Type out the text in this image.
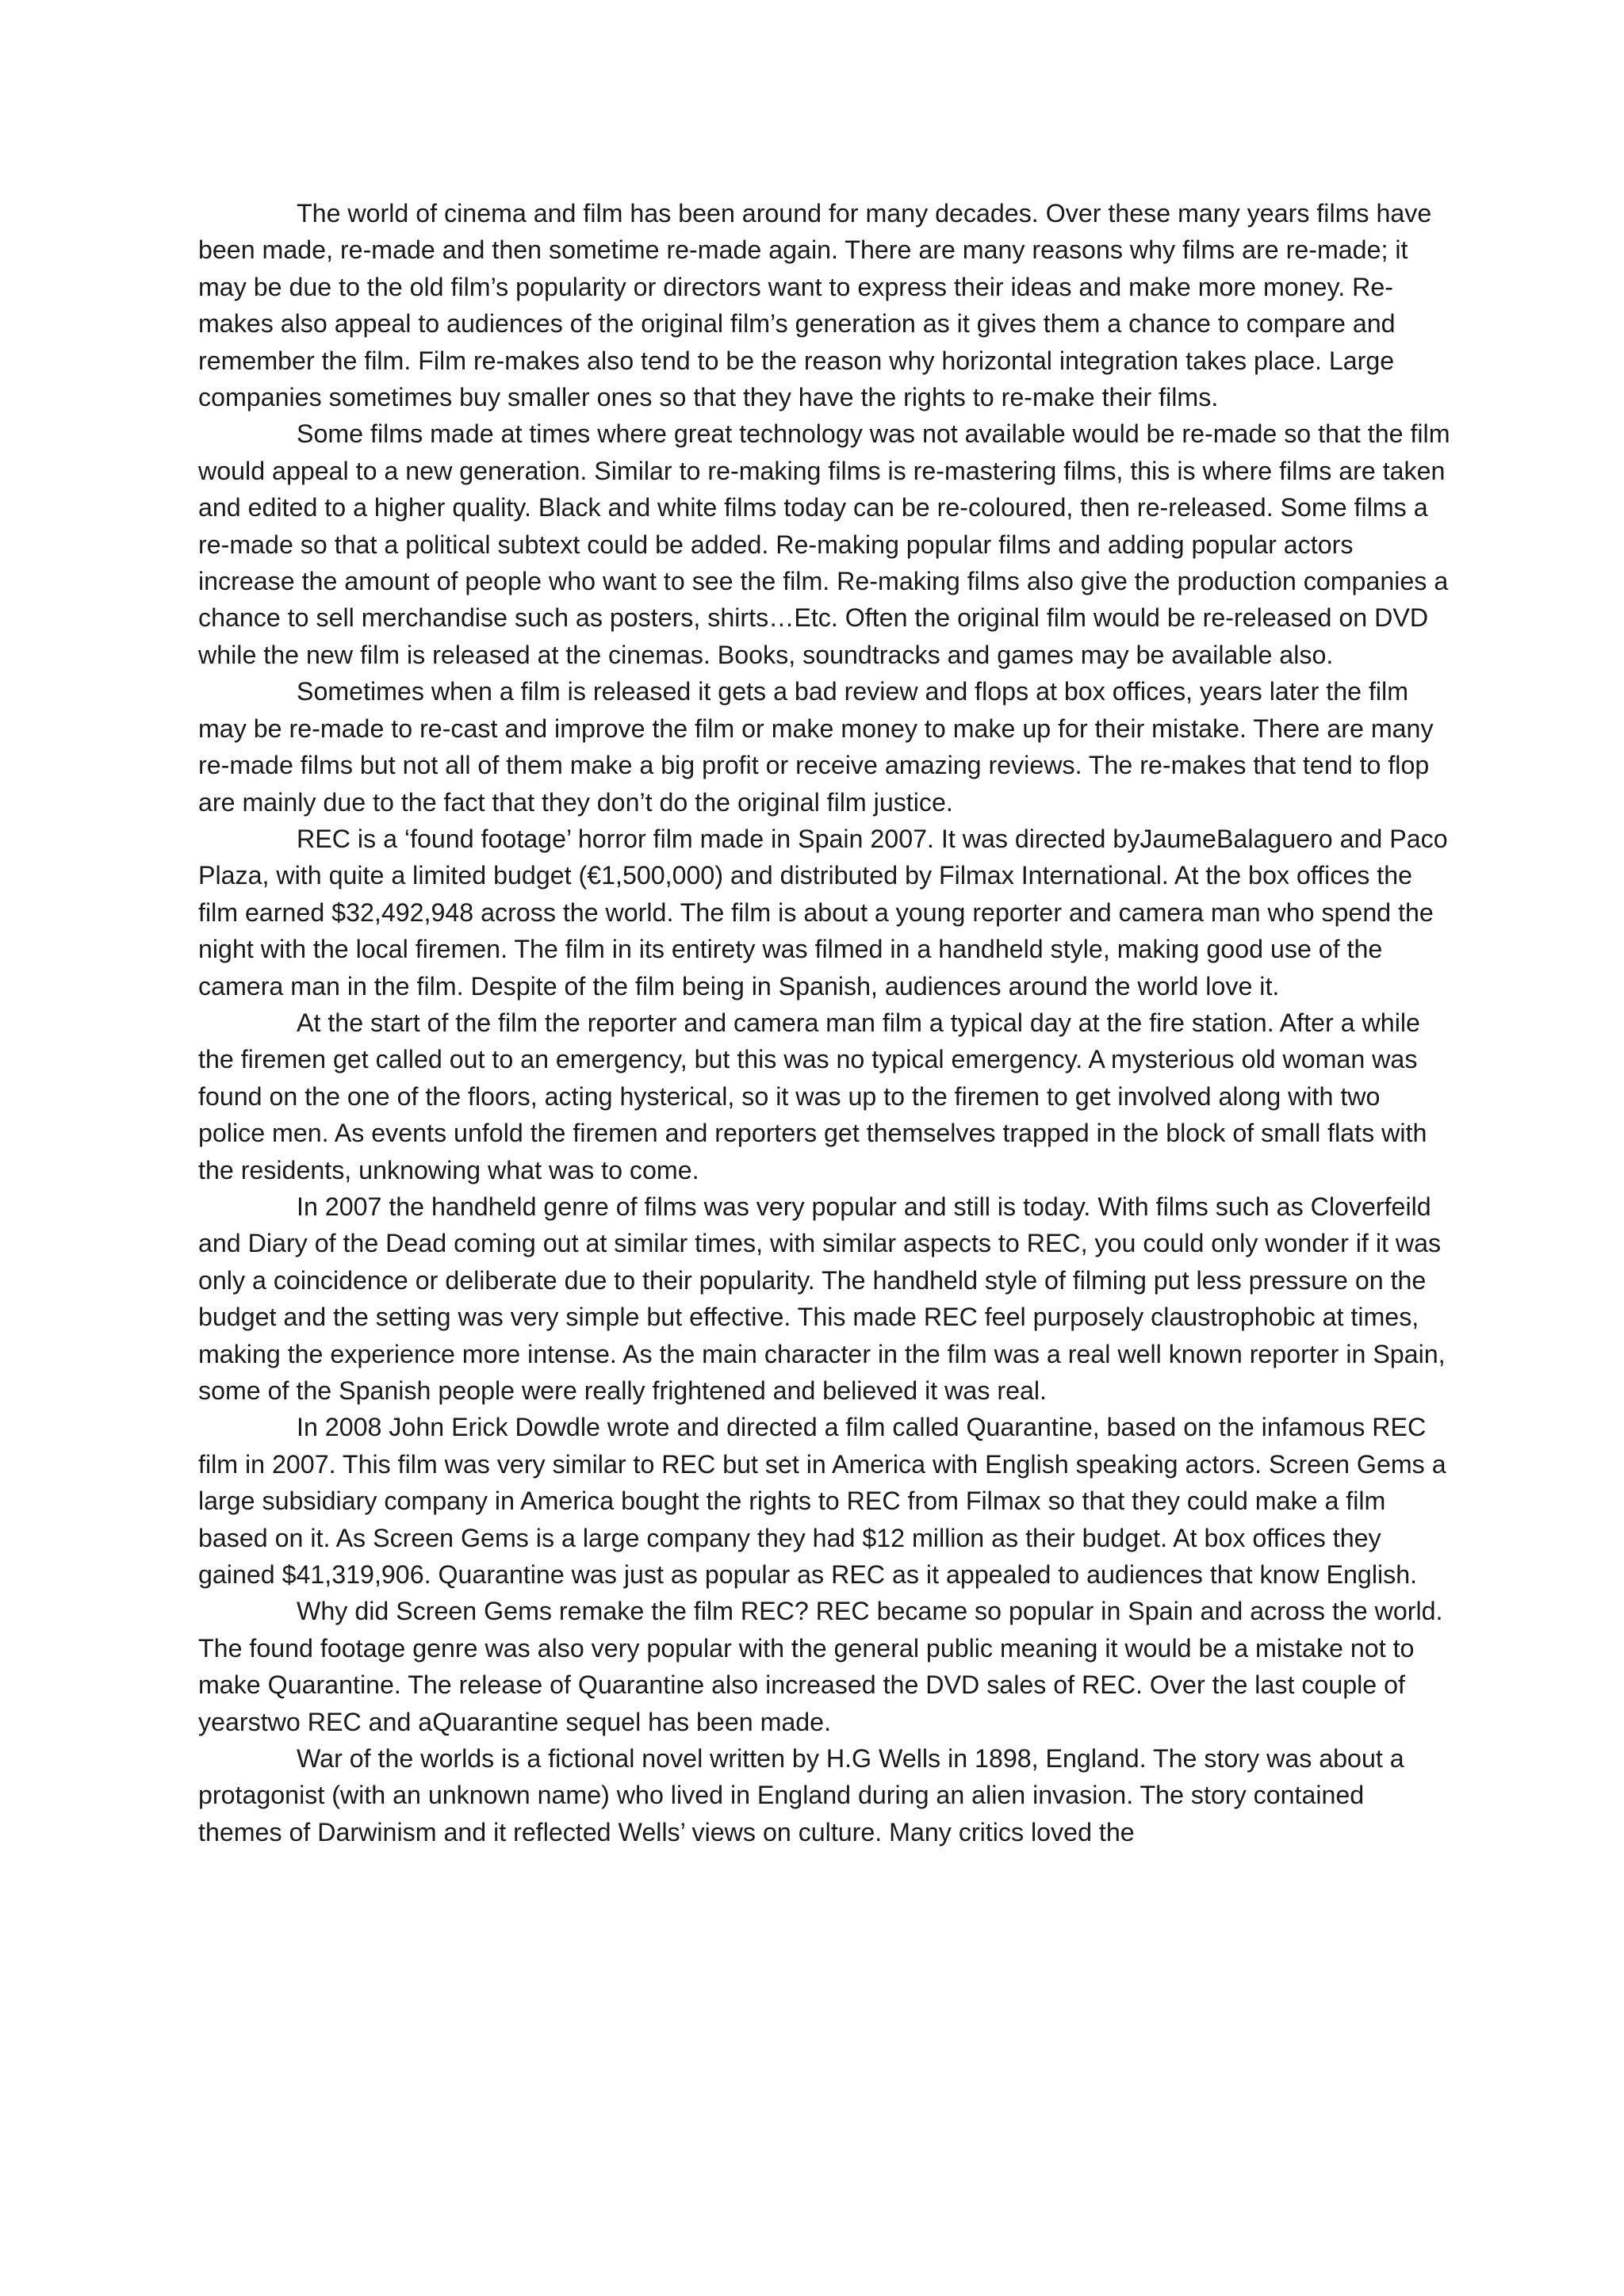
The world of cinema and film has been around for many decades. Over these many years films have been made, re-made and then sometime re-made again. There are many reasons why films are re-made; it may be due to the old film’s popularity or directors want to express their ideas and make more money. Re-makes also appeal to audiences of the original film’s generation as it gives them a chance to compare and remember the film. Film re-makes also tend to be the reason why horizontal integration takes place. Large companies sometimes buy smaller ones so that they have the rights to re-make their films.

Some films made at times where great technology was not available would be re-made so that the film would appeal to a new generation. Similar to re-making films is re-mastering films, this is where films are taken and edited to a higher quality. Black and white films today can be re-coloured, then re-released. Some films a re-made so that a political subtext could be added. Re-making popular films and adding popular actors increase the amount of people who want to see the film. Re-making films also give the production companies a chance to sell merchandise such as posters, shirts…Etc. Often the original film would be re-released on DVD while the new film is released at the cinemas. Books, soundtracks and games may be available also.

Sometimes when a film is released it gets a bad review and flops at box offices, years later the film may be re-made to re-cast and improve the film or make money to make up for their mistake. There are many re-made films but not all of them make a big profit or receive amazing reviews. The re-makes that tend to flop are mainly due to the fact that they don’t do the original film justice.

REC is a ‘found footage’ horror film made in Spain 2007. It was directed byJaumeBalaguero and Paco Plaza, with quite a limited budget (€1,500,000) and distributed by Filmax International. At the box offices the film earned $32,492,948 across the world. The film is about a young reporter and camera man who spend the night with the local firemen. The film in its entirety was filmed in a handheld style, making good use of the camera man in the film. Despite of the film being in Spanish, audiences around the world love it.

At the start of the film the reporter and camera man film a typical day at the fire station. After a while the firemen get called out to an emergency, but this was no typical emergency. A mysterious old woman was found on the one of the floors, acting hysterical, so it was up to the firemen to get involved along with two police men. As events unfold the firemen and reporters get themselves trapped in the block of small flats with the residents, unknowing what was to come.

In 2007 the handheld genre of films was very popular and still is today. With films such as Cloverfeild and Diary of the Dead coming out at similar times, with similar aspects to REC, you could only wonder if it was only a coincidence or deliberate due to their popularity. The handheld style of filming put less pressure on the budget and the setting was very simple but effective. This made REC feel purposely claustrophobic at times, making the experience more intense. As the main character in the film was a real well known reporter in Spain, some of the Spanish people were really frightened and believed it was real.

In 2008 John Erick Dowdle wrote and directed a film called Quarantine, based on the infamous REC film in 2007. This film was very similar to REC but set in America with English speaking actors. Screen Gems a large subsidiary company in America bought the rights to REC from Filmax so that they could make a film based on it. As Screen Gems is a large company they had $12 million as their budget. At box offices they gained $41,319,906. Quarantine was just as popular as REC as it appealed to audiences that know English.

Why did Screen Gems remake the film REC? REC became so popular in Spain and across the world. The found footage genre was also very popular with the general public meaning it would be a mistake not to make Quarantine. The release of Quarantine also increased the DVD sales of REC. Over the last couple of yearstwo REC and aQuarantine sequel has been made.

War of the worlds is a fictional novel written by H.G Wells in 1898, England. The story was about a protagonist (with an unknown name) who lived in England during an alien invasion. The story contained themes of Darwinism and it reflected Wells’ views on culture. Many critics loved the
